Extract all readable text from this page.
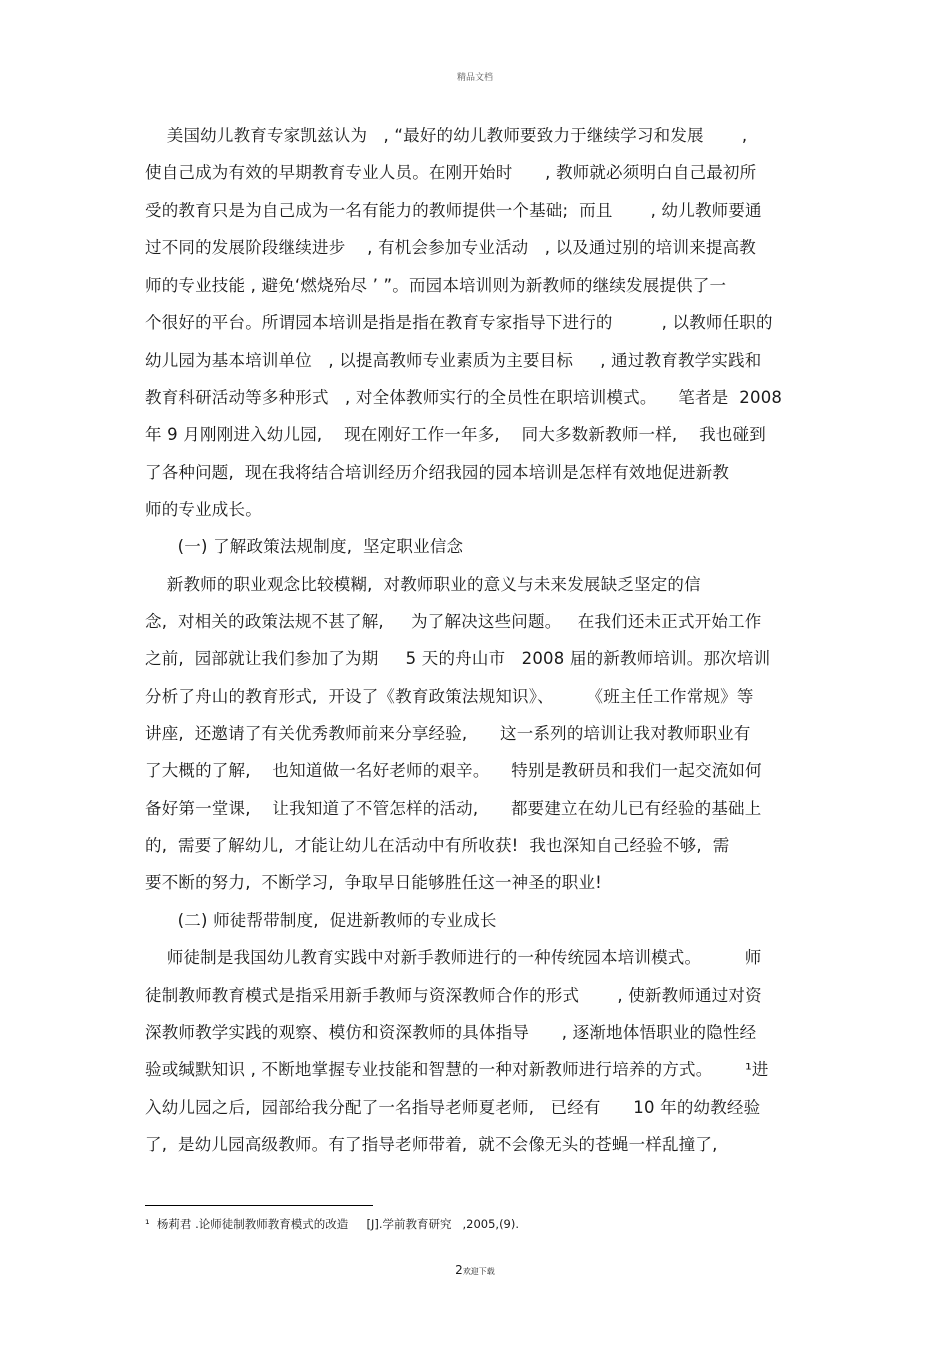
精品文档
美国幼儿教育专家凯兹认为   , “最好的幼儿教师要致力于继续学习和发展       ,
使自己成为有效的早期教育专业人员。在刚开始时      , 教师就必须明白自己最初所
受的教育只是为自己成为一名有能力的教师提供一个基础;  而且       , 幼儿教师要通
过不同的发展阶段继续进步    , 有机会参加专业活动   , 以及通过别的培训来提高教
师的专业技能 , 避免‘燃烧殆尽 ’ ”。而园本培训则为新教师的继续发展提供了一
个很好的平台。所谓园本培训是指是指在教育专家指导下进行的         , 以教师任职的
幼儿园为基本培训单位   , 以提高教师专业素质为主要目标     , 通过教育教学实践和
教育科研活动等多种形式   , 对全体教师实行的全员性在职培训模式。    笔者是  2008
年 9 月刚刚进入幼儿园,    现在刚好工作一年多,    同大多数新教师一样,    我也碰到
了各种问题,  现在我将结合培训经历介绍我园的园本培训是怎样有效地促进新教
师的专业成长。
(一) 了解政策法规制度,  坚定职业信念
新教师的职业观念比较模糊,  对教师职业的意义与未来发展缺乏坚定的信
念,  对相关的政策法规不甚了解,     为了解决这些问题。   在我们还未正式开始工作
之前,  园部就让我们参加了为期     5 天的舟山市   2008 届的新教师培训。那次培训
分析了舟山的教育形式,  开设了《教育政策法规知识》、      《班主任工作常规》等
讲座,  还邀请了有关优秀教师前来分享经验,      这一系列的培训让我对教师职业有
了大概的了解,    也知道做一名好老师的艰辛。    特别是教研员和我们一起交流如何
备好第一堂课,    让我知道了不管怎样的活动,      都要建立在幼儿已有经验的基础上
的,  需要了解幼儿,  才能让幼儿在活动中有所收获!  我也深知自己经验不够,  需
要不断的努力,  不断学习,  争取早日能够胜任这一神圣的职业!
(二) 师徒帮带制度,  促进新教师的专业成长
师徒制是我国幼儿教育实践中对新手教师进行的一种传统园本培训模式。        师
徒制教师教育模式是指采用新手教师与资深教师合作的形式       , 使新教师通过对资
深教师教学实践的观察、模仿和资深教师的具体指导      , 逐渐地体悟职业的隐性经
验或缄默知识 , 不断地掌握专业技能和智慧的一种对新教师进行培养的方式。      ¹进
入幼儿园之后,  园部给我分配了一名指导老师夏老师,   已经有      10 年的幼教经验
了,  是幼儿园高级教师。有了指导老师带着,  就不会像无头的苍蝇一样乱撞了,
¹  杨莉君 .论师徒制教师教育模式的改造     [J].学前教育研究   ,2005,(9).
2欢迎下载
